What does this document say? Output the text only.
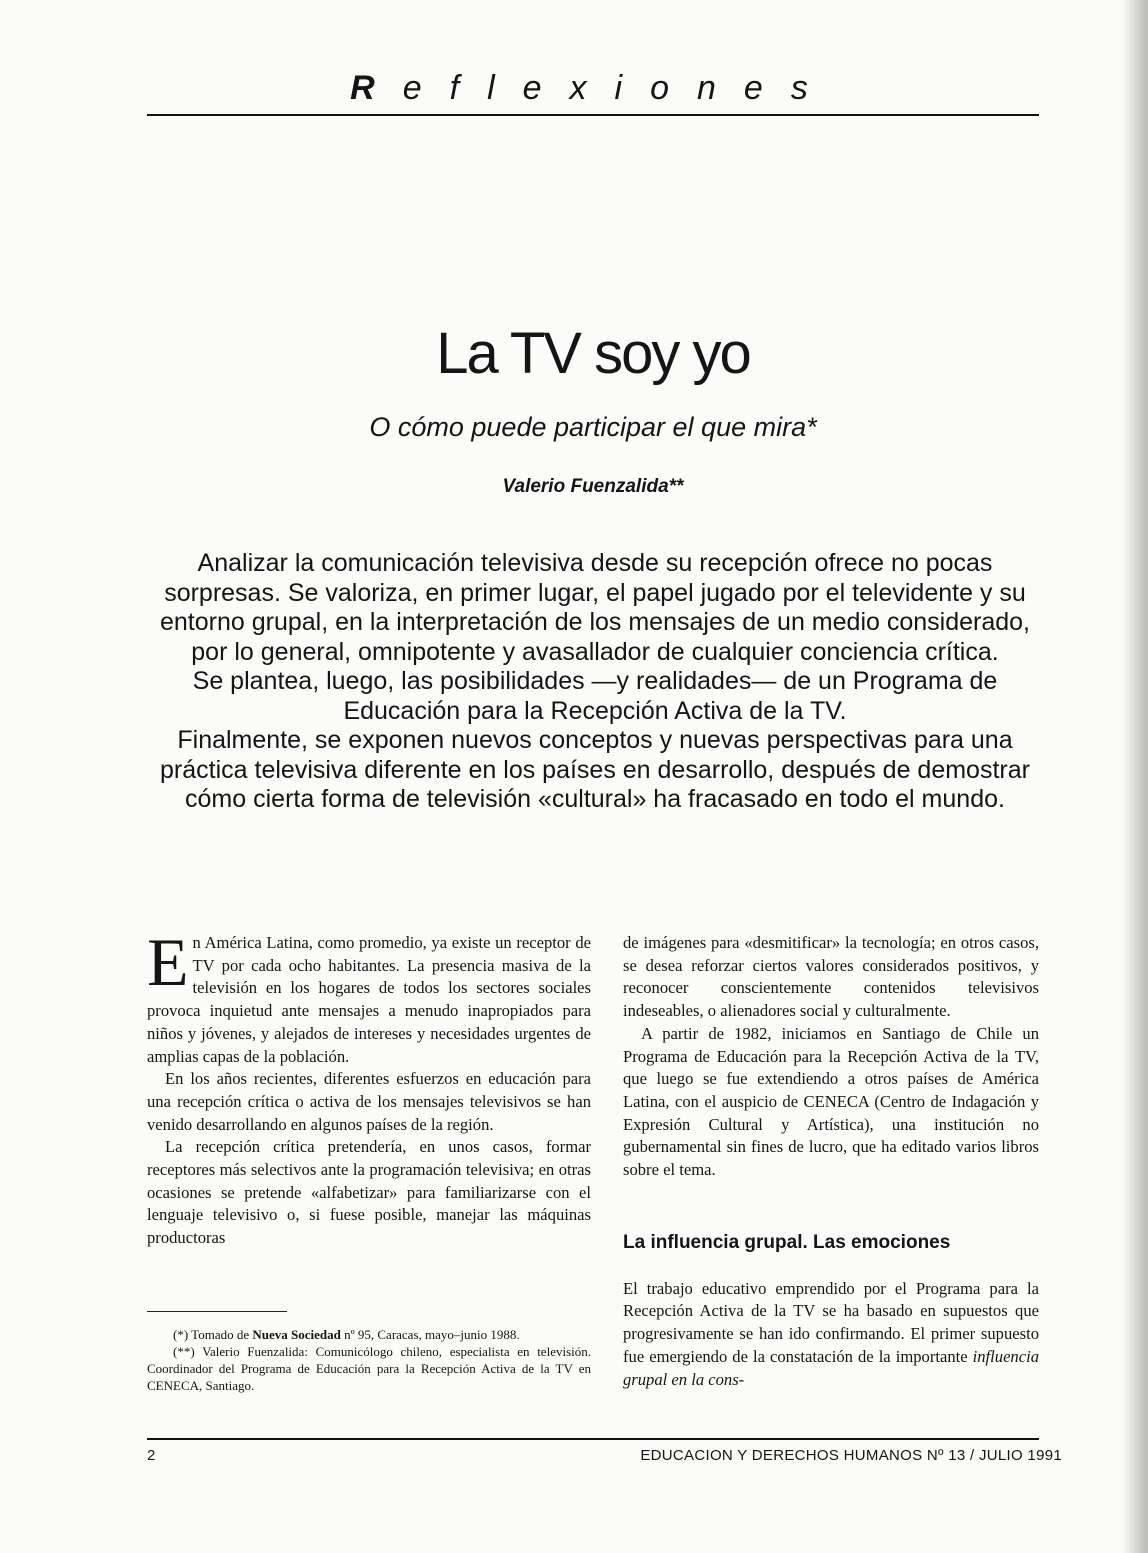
Reflexiones
La TV soy yo
O cómo puede participar el que mira*
Valerio Fuenzalida**

Analizar la comunicación televisiva desde su recepción ofrece no pocas sorpresas. Se valoriza, en primer lugar, el papel jugado por el televidente y su entorno grupal, en la interpretación de los mensajes de un medio considerado, por lo general, omnipotente y avasallador de cualquier conciencia crítica.

Se plantea, luego, las posibilidades —y realidades— de un Programa de Educación para la Recepción Activa de la TV.

Finalmente, se exponen nuevos conceptos y nuevas perspectivas para una práctica televisiva diferente en los países en desarrollo, después de demostrar cómo cierta forma de televisión «cultural» ha fracasado en todo el mundo.

En América Latina, como promedio, ya existe un receptor de TV por cada ocho habitantes. La presencia masiva de la televisión en los hogares de todos los sectores sociales provoca inquietud ante mensajes a menudo inapropiados para niños y jóvenes, y alejados de intereses y necesidades urgentes de amplias capas de la población.

En los años recientes, diferentes esfuerzos en educación para una recepción crítica o activa de los mensajes televisivos se han venido desarrollando en algunos países de la región.

La recepción crítica pretendería, en unos casos, formar receptores más selectivos ante la programación televisiva; en otras ocasiones se pretende «alfabetizar» para familiarizarse con el lenguaje televisivo o, si fuese posible, manejar las máquinas productoras

de imágenes para «desmitificar» la tecnología; en otros casos, se desea reforzar ciertos valores considerados positivos, y reconocer conscientemente contenidos televisivos indeseables, o alienadores social y culturalmente.

A partir de 1982, iniciamos en Santiago de Chile un Programa de Educación para la Recepción Activa de la TV, que luego se fue extendiendo a otros países de América Latina, con el auspicio de CENECA (Centro de Indagación y Expresión Cultural y Artística), una institución no gubernamental sin fines de lucro, que ha editado varios libros sobre el tema.

La influencia grupal. Las emociones

El trabajo educativo emprendido por el Programa para la Recepción Activa de la TV se ha basado en supuestos que progresivamente se han ido confirmando. El primer supuesto fue emergiendo de la constatación de la importante influencia grupal en la cons-

(*) Tomado de Nueva Sociedad nº 95, Caracas, mayo–junio 1988.

(**) Valerio Fuenzalida: Comunicólogo chileno, especialista en televisión. Coordinador del Programa de Educación para la Recepción Activa de la TV en CENECA, Santiago.

2	EDUCACION Y DERECHOS HUMANOS Nº 13 / JULIO 1991
